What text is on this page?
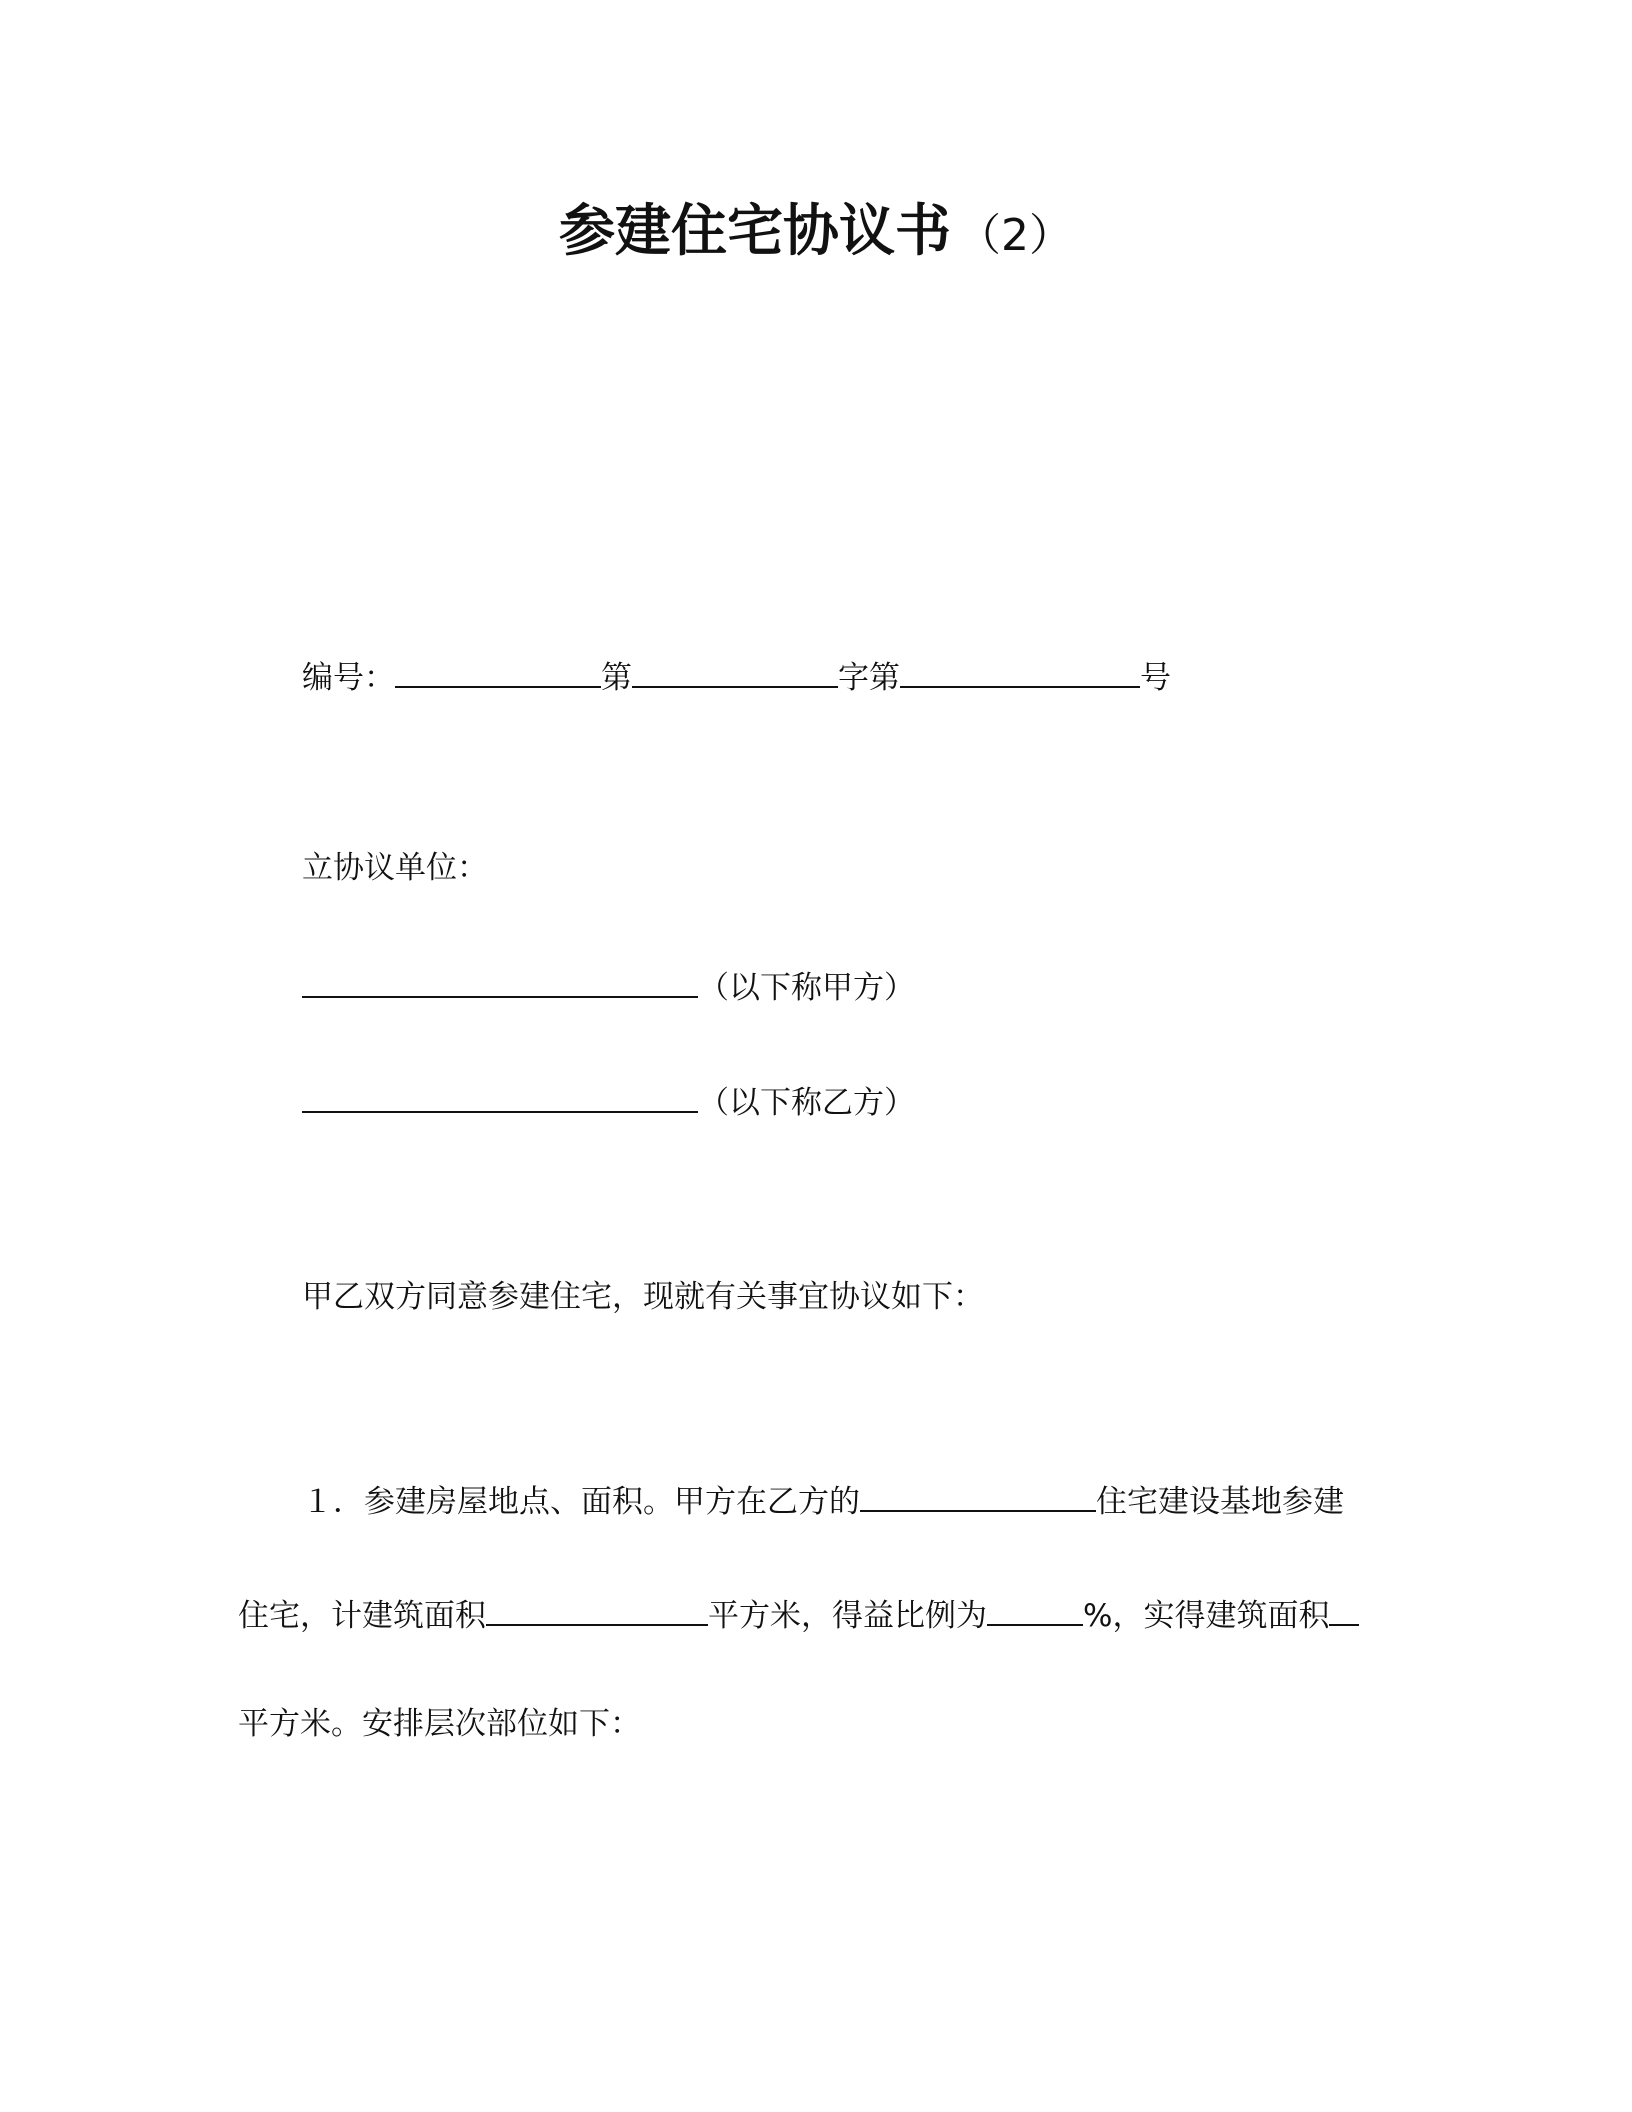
参建住宅协议书 （2）
编号：	第	字第	号
立协议单位：
（以下称甲方）
（以下称乙方）
甲乙双方同意参建住宅，现就有关事宜协议如下：
１．参建房屋地点、面积。甲方在乙方的	住宅建设基地参建
住宅，计建筑面积	平方米，得益比例为	%，实得建筑面积
平方米。安排层次部位如下：
